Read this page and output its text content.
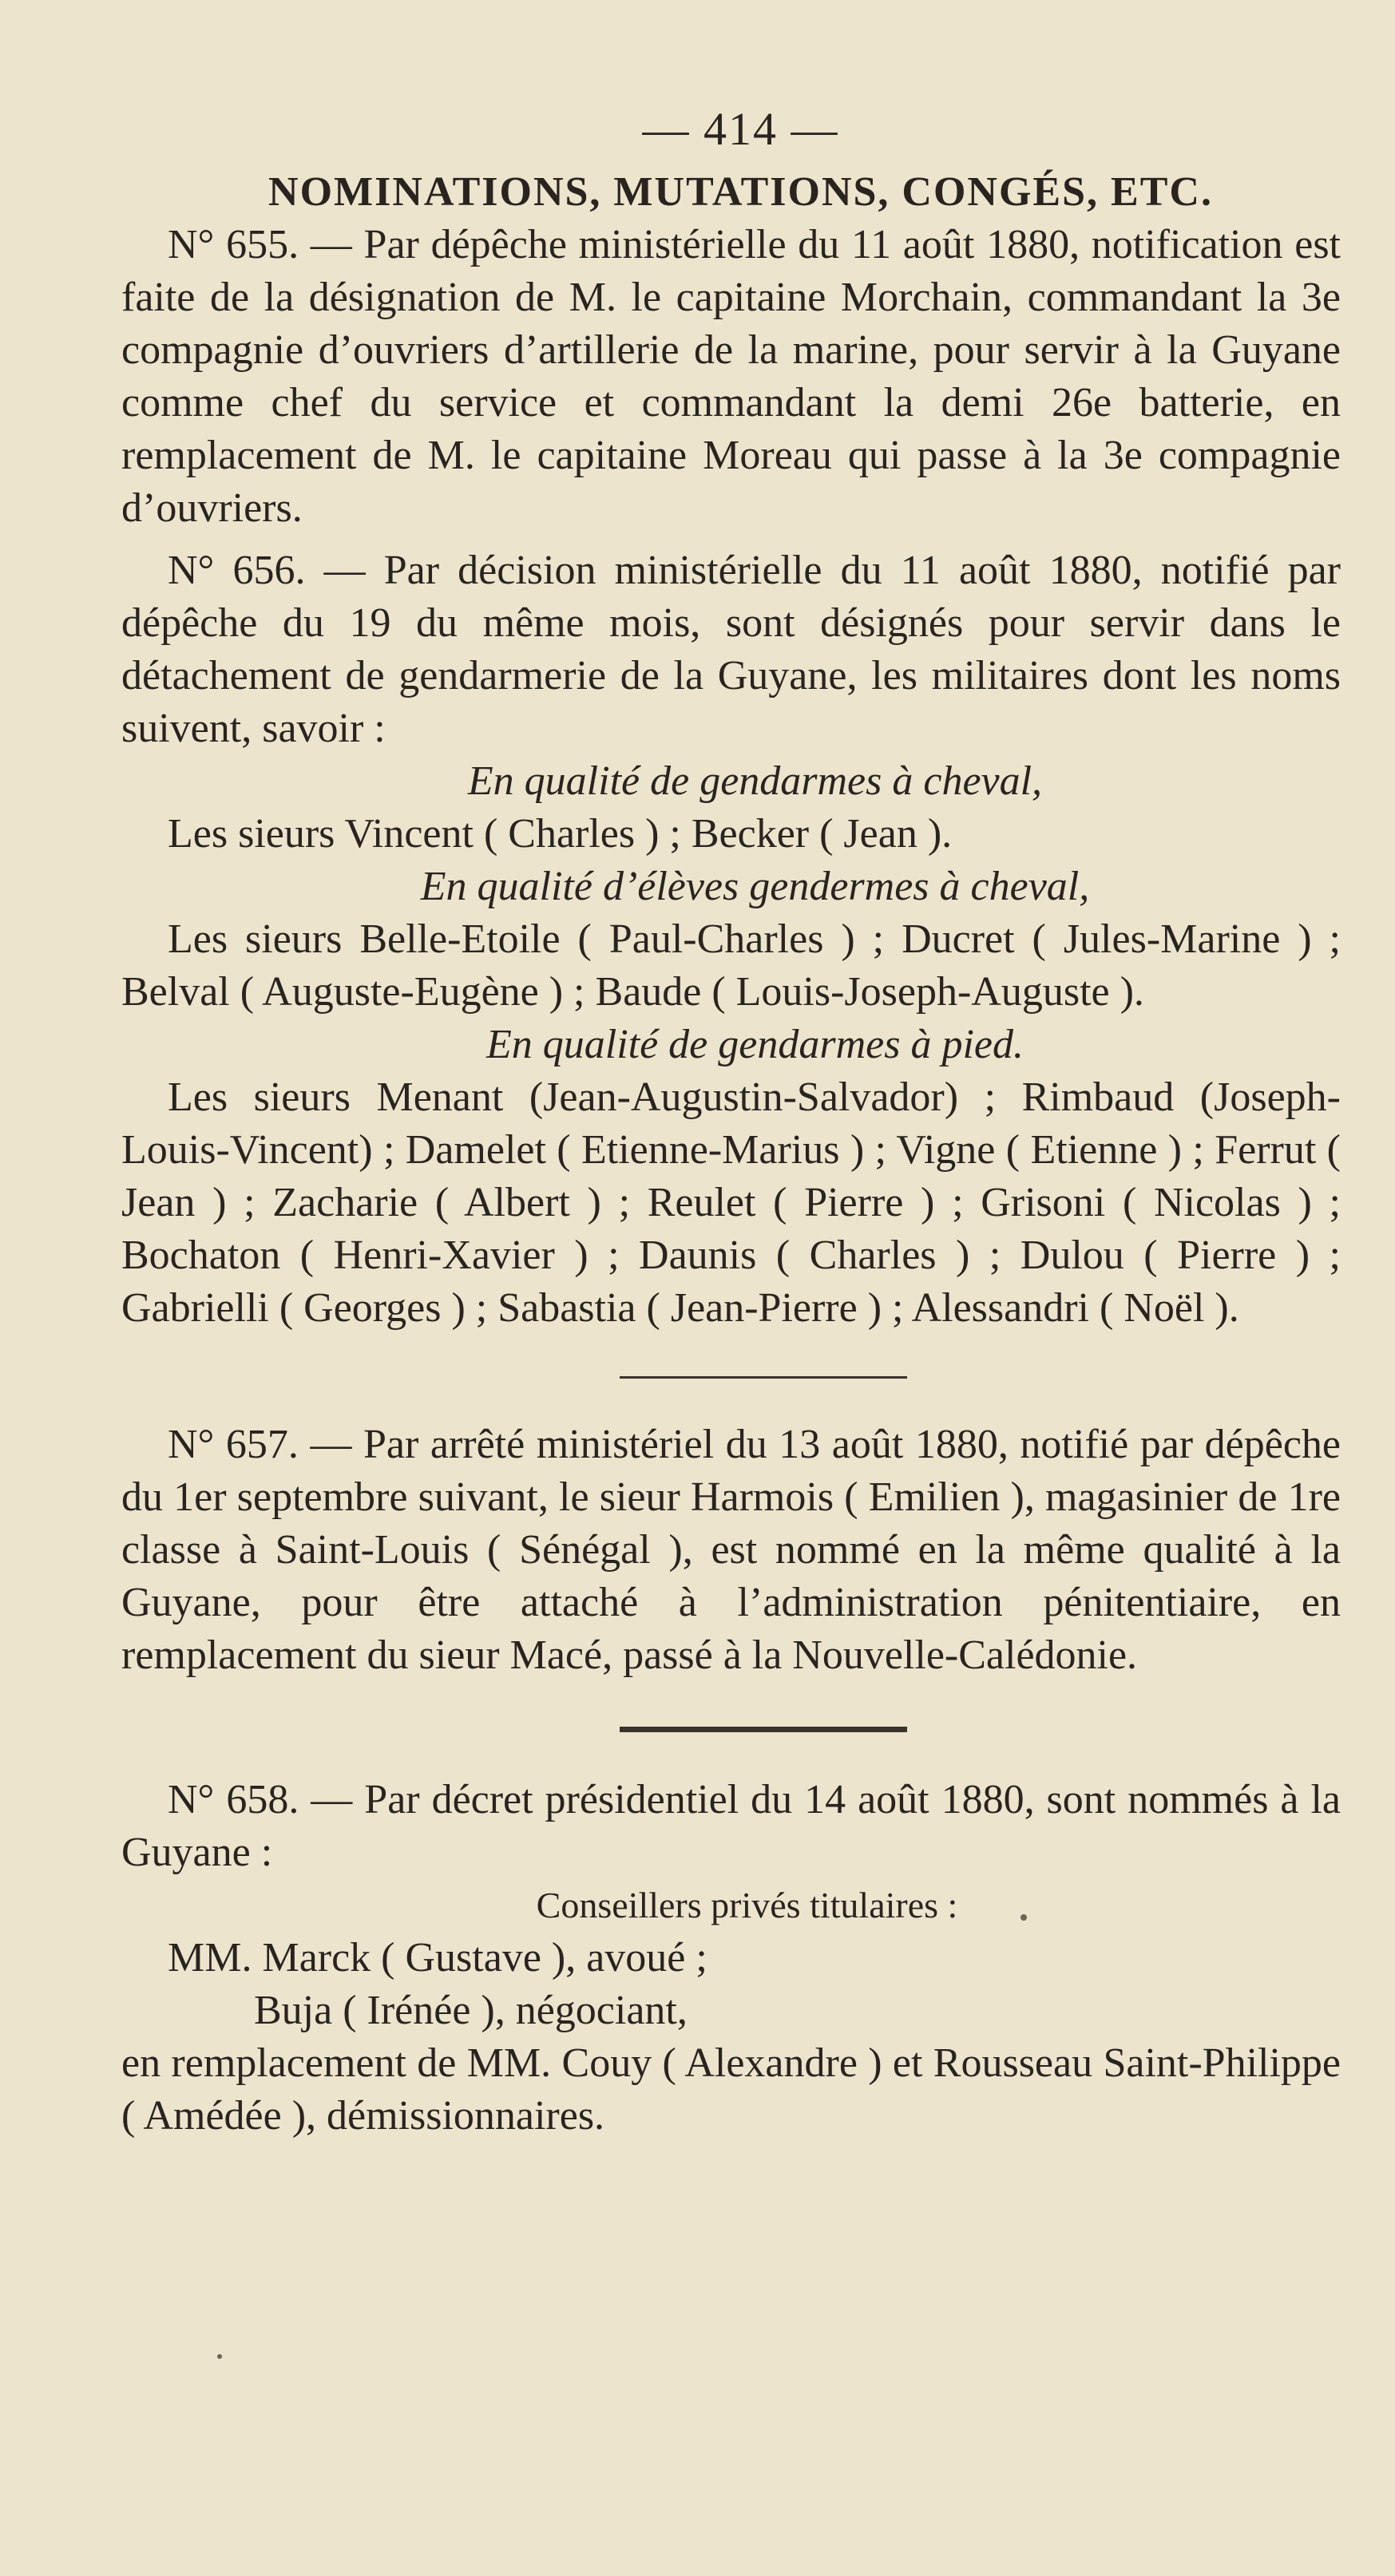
— 414 —
NOMINATIONS, MUTATIONS, CONGÉS, ETC.

N° 655. — Par dépêche ministérielle du 11 août 1880, notification est faite de la désignation de M. le capitaine Morchain, commandant la 3e compagnie d’ouvriers d’artillerie de la marine, pour servir à la Guyane comme chef du service et commandant la demi 26e batterie, en remplacement de M. le capitaine Moreau qui passe à la 3e compagnie d’ouvriers.

N° 656. — Par décision ministérielle du 11 août 1880, notifié par dépêche du 19 du même mois, sont désignés pour servir dans le détachement de gendarmerie de la Guyane, les militaires dont les noms suivent, savoir :

En qualité de gendarmes à cheval,

Les sieurs Vincent ( Charles ) ; Becker ( Jean ).

En qualité d’élèves gendermes à cheval,

Les sieurs Belle-Etoile ( Paul-Charles ) ; Ducret ( Jules-Marine ) ; Belval ( Auguste-Eugène ) ; Baude ( Louis-Joseph-Auguste ).

En qualité de gendarmes à pied.

Les sieurs Menant (Jean-Augustin-Salvador) ; Rimbaud (Joseph-Louis-Vincent) ; Damelet ( Etienne-Marius ) ; Vigne ( Etienne ) ; Ferrut ( Jean ) ; Zacharie ( Albert ) ; Reulet ( Pierre ) ; Grisoni ( Nicolas ) ; Bochaton ( Henri-Xavier ) ; Daunis ( Charles ) ; Dulou ( Pierre ) ; Gabrielli ( Georges ) ; Sabastia ( Jean-Pierre ) ; Alessandri ( Noël ).

N° 657. — Par arrêté ministériel du 13 août 1880, notifié par dépêche du 1er septembre suivant, le sieur Harmois ( Emilien ), magasinier de 1re classe à Saint-Louis ( Sénégal ), est nommé en la même qualité à la Guyane, pour être attaché à l’administration pénitentiaire, en remplacement du sieur Macé, passé à la Nouvelle-Calédonie.

N° 658. — Par décret présidentiel du 14 août 1880, sont nommés à la Guyane :

Conseillers privés titulaires :

MM. Marck ( Gustave ), avoué ;

Buja ( Irénée ), négociant,

en remplacement de MM. Couy ( Alexandre ) et Rousseau Saint-Philippe ( Amédée ), démissionnaires.
